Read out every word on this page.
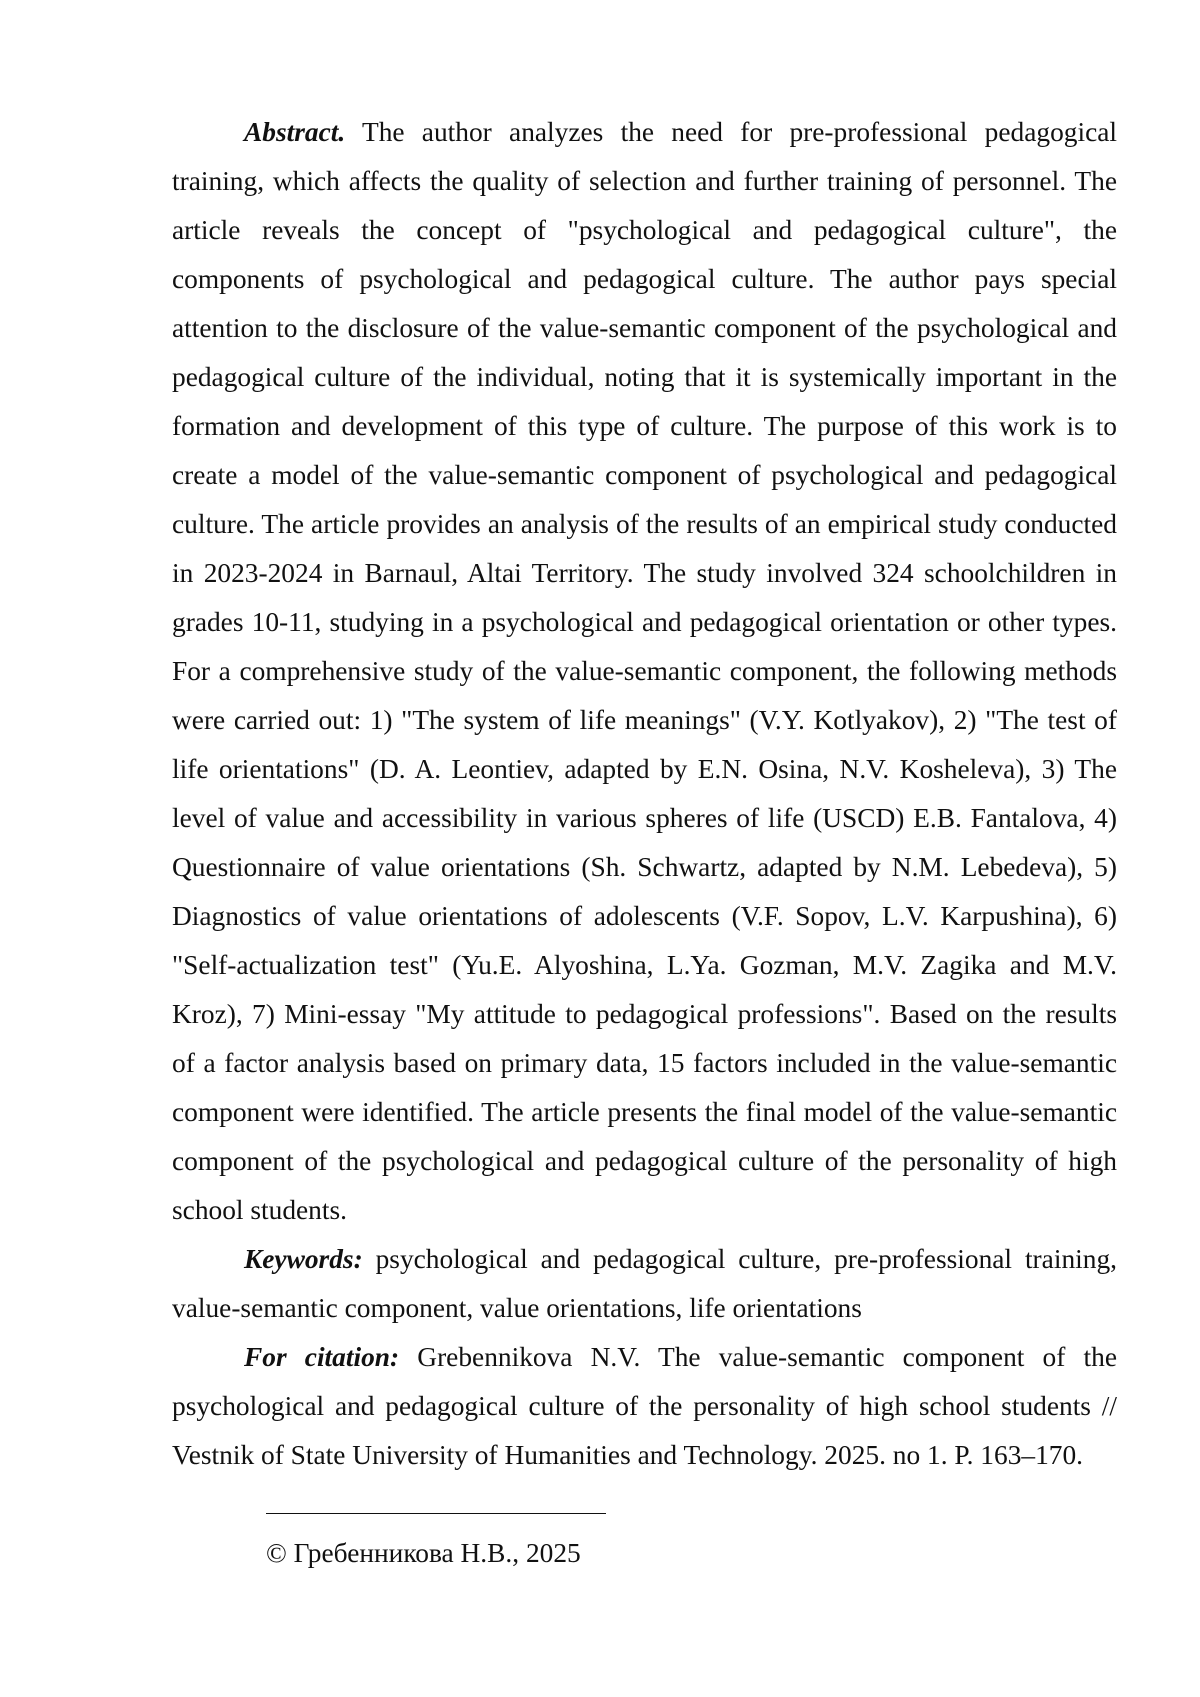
Abstract. The author analyzes the need for pre-professional pedagogical training, which affects the quality of selection and further training of personnel. The article reveals the concept of "psychological and pedagogical culture", the components of psychological and pedagogical culture. The author pays special attention to the disclosure of the value-semantic component of the psychological and pedagogical culture of the individual, noting that it is systemically important in the formation and development of this type of culture. The purpose of this work is to create a model of the value-semantic component of psychological and pedagogical culture. The article provides an analysis of the results of an empirical study conducted in 2023-2024 in Barnaul, Altai Territory. The study involved 324 schoolchildren in grades 10-11, studying in a psychological and pedagogical orientation or other types. For a comprehensive study of the value-semantic component, the following methods were carried out: 1) "The system of life meanings" (V.Y. Kotlyakov), 2) "The test of life orientations" (D. A. Leontiev, adapted by E.N. Osina, N.V. Kosheleva), 3) The level of value and accessibility in various spheres of life (USCD) E.B. Fantalova, 4) Questionnaire of value orientations (Sh. Schwartz, adapted by N.M. Lebedeva), 5) Diagnostics of value orientations of adolescents (V.F. Sopov, L.V. Karpushina), 6) "Self-actualization test" (Yu.E. Alyoshina, L.Ya. Gozman, M.V. Zagika and M.V. Kroz), 7) Mini-essay "My attitude to pedagogical professions". Based on the results of a factor analysis based on primary data, 15 factors included in the value-semantic component were identified. The article presents the final model of the value-semantic component of the psychological and pedagogical culture of the personality of high school students.

Keywords: psychological and pedagogical culture, pre-professional training, value-semantic component, value orientations, life orientations

For citation: Grebennikova N.V. The value-semantic component of the psychological and pedagogical culture of the personality of high school students // Vestnik of State University of Humanities and Technology. 2025. no 1. P. 163–170.

© Гребенникова Н.В., 2025
